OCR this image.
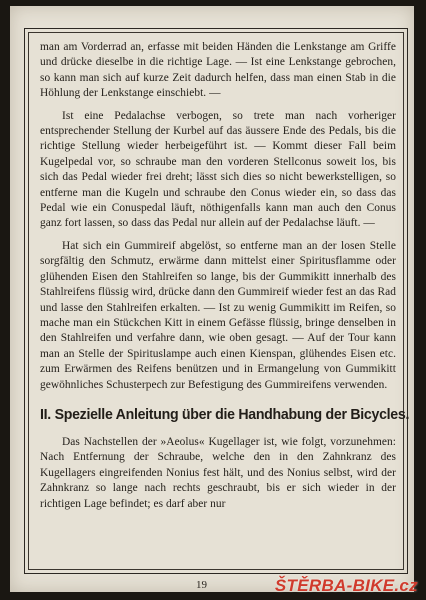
man am Vorderrad an, erfasse mit beiden Händen die Lenkstange am Griffe und drücke dieselbe in die richtige Lage. — Ist eine Lenkstange gebrochen, so kann man sich auf kurze Zeit dadurch helfen, dass man einen Stab in die Höhlung der Lenkstange einschiebt. —

Ist eine Pedalachse verbogen, so trete man nach vorheriger entsprechender Stellung der Kurbel auf das äussere Ende des Pedals, bis die richtige Stellung wieder herbeigeführt ist. — Kommt dieser Fall beim Kugelpedal vor, so schraube man den vorderen Stellconus soweit los, bis sich das Pedal wieder frei dreht; lässt sich dies so nicht bewerkstelligen, so entferne man die Kugeln und schraube den Conus wieder ein, so dass das Pedal wie ein Conuspedal läuft, nöthigenfalls kann man auch den Conus ganz fort lassen, so dass das Pedal nur allein auf der Pedalachse läuft. —

Hat sich ein Gummireif abgelöst, so entferne man an der losen Stelle sorgfältig den Schmutz, erwärme dann mittelst einer Spiritusflamme oder glühenden Eisen den Stahlreifen so lange, bis der Gummikitt innerhalb des Stahlreifens flüssig wird, drücke dann den Gummireif wieder fest an das Rad und lasse den Stahlreifen erkalten. — Ist zu wenig Gummikitt im Reifen, so mache man ein Stückchen Kitt in einem Gefässe flüssig, bringe denselben in den Stahlreifen und verfahre dann, wie oben gesagt. — Auf der Tour kann man an Stelle der Spirituslampe auch einen Kienspan, glühendes Eisen etc. zum Erwärmen des Reifens benützen und in Ermangelung von Gummikitt gewöhnliches Schusterpech zur Befestigung des Gummireifens verwenden.

II. Spezielle Anleitung über die Handhabung der Bicycles.

Das Nachstellen der »Aeolus« Kugellager ist, wie folgt, vorzunehmen: Nach Entfernung der Schraube, welche den in den Zahnkranz des Kugellagers eingreifenden Nonius fest hält, und des Nonius selbst, wird der Zahnkranz so lange nach rechts geschraubt, bis er sich wieder in der richtigen Lage befindet; es darf aber nur

19	ŠTĚRBA-BIKE.cz
